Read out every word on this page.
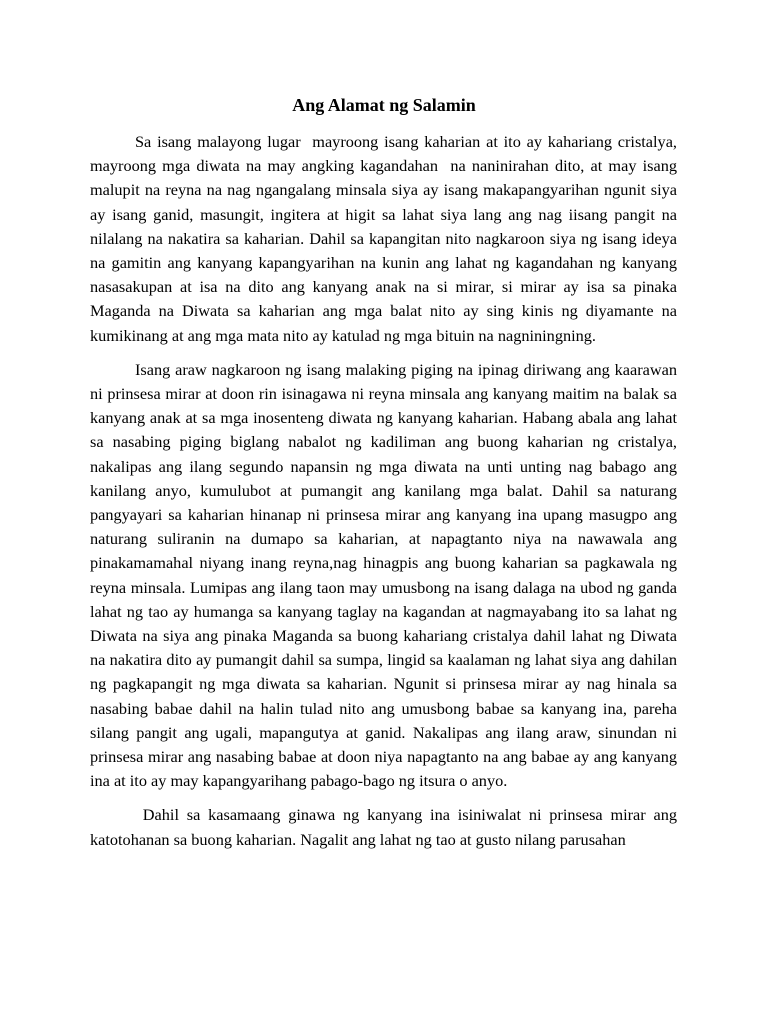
Ang Alamat ng Salamin

Sa isang malayong lugar  mayroong isang kaharian at ito ay kahariang cristalya, mayroong mga diwata na may angking kagandahan  na naninirahan dito, at may isang malupit na reyna na nag ngangalang minsala siya ay isang makapangyarihan ngunit siya ay isang ganid, masungit, ingitera at higit sa lahat siya lang ang nag iisang pangit na nilalang na nakatira sa kaharian. Dahil sa kapangitan nito nagkaroon siya ng isang ideya na gamitin ang kanyang kapangyarihan na kunin ang lahat ng kagandahan ng kanyang nasasakupan at isa na dito ang kanyang anak na si mirar, si mirar ay isa sa pinaka Maganda na Diwata sa kaharian ang mga balat nito ay sing kinis ng diyamante na kumikinang at ang mga mata nito ay katulad ng mga bituin na nagniningning.

Isang araw nagkaroon ng isang malaking piging na ipinag diriwang ang kaarawan ni prinsesa mirar at doon rin isinagawa ni reyna minsala ang kanyang maitim na balak sa kanyang anak at sa mga inosenteng diwata ng kanyang kaharian. Habang abala ang lahat sa nasabing piging biglang nabalot ng kadiliman ang buong kaharian ng cristalya, nakalipas ang ilang segundo napansin ng mga diwata na unti unting nag babago ang kanilang anyo, kumulubot at pumangit ang kanilang mga balat. Dahil sa naturang pangyayari sa kaharian hinanap ni prinsesa mirar ang kanyang ina upang masugpo ang naturang suliranin na dumapo sa kaharian, at napagtanto niya na nawawala ang pinakamamahal niyang inang reyna,nag hinagpis ang buong kaharian sa pagkawala ng reyna minsala. Lumipas ang ilang taon may umusbong na isang dalaga na ubod ng ganda lahat ng tao ay humanga sa kanyang taglay na kagandan at nagmayabang ito sa lahat ng Diwata na siya ang pinaka Maganda sa buong kahariang cristalya dahil lahat ng Diwata na nakatira dito ay pumangit dahil sa sumpa, lingid sa kaalaman ng lahat siya ang dahilan ng pagkapangit ng mga diwata sa kaharian. Ngunit si prinsesa mirar ay nag hinala sa nasabing babae dahil na halin tulad nito ang umusbong babae sa kanyang ina, pareha silang pangit ang ugali, mapangutya at ganid. Nakalipas ang ilang araw, sinundan ni prinsesa mirar ang nasabing babae at doon niya napagtanto na ang babae ay ang kanyang ina at ito ay may kapangyarihang pabago-bago ng itsura o anyo.

Dahil sa kasamaang ginawa ng kanyang ina isiniwalat ni prinsesa mirar ang katotohanan sa buong kaharian. Nagalit ang lahat ng tao at gusto nilang parusahan
